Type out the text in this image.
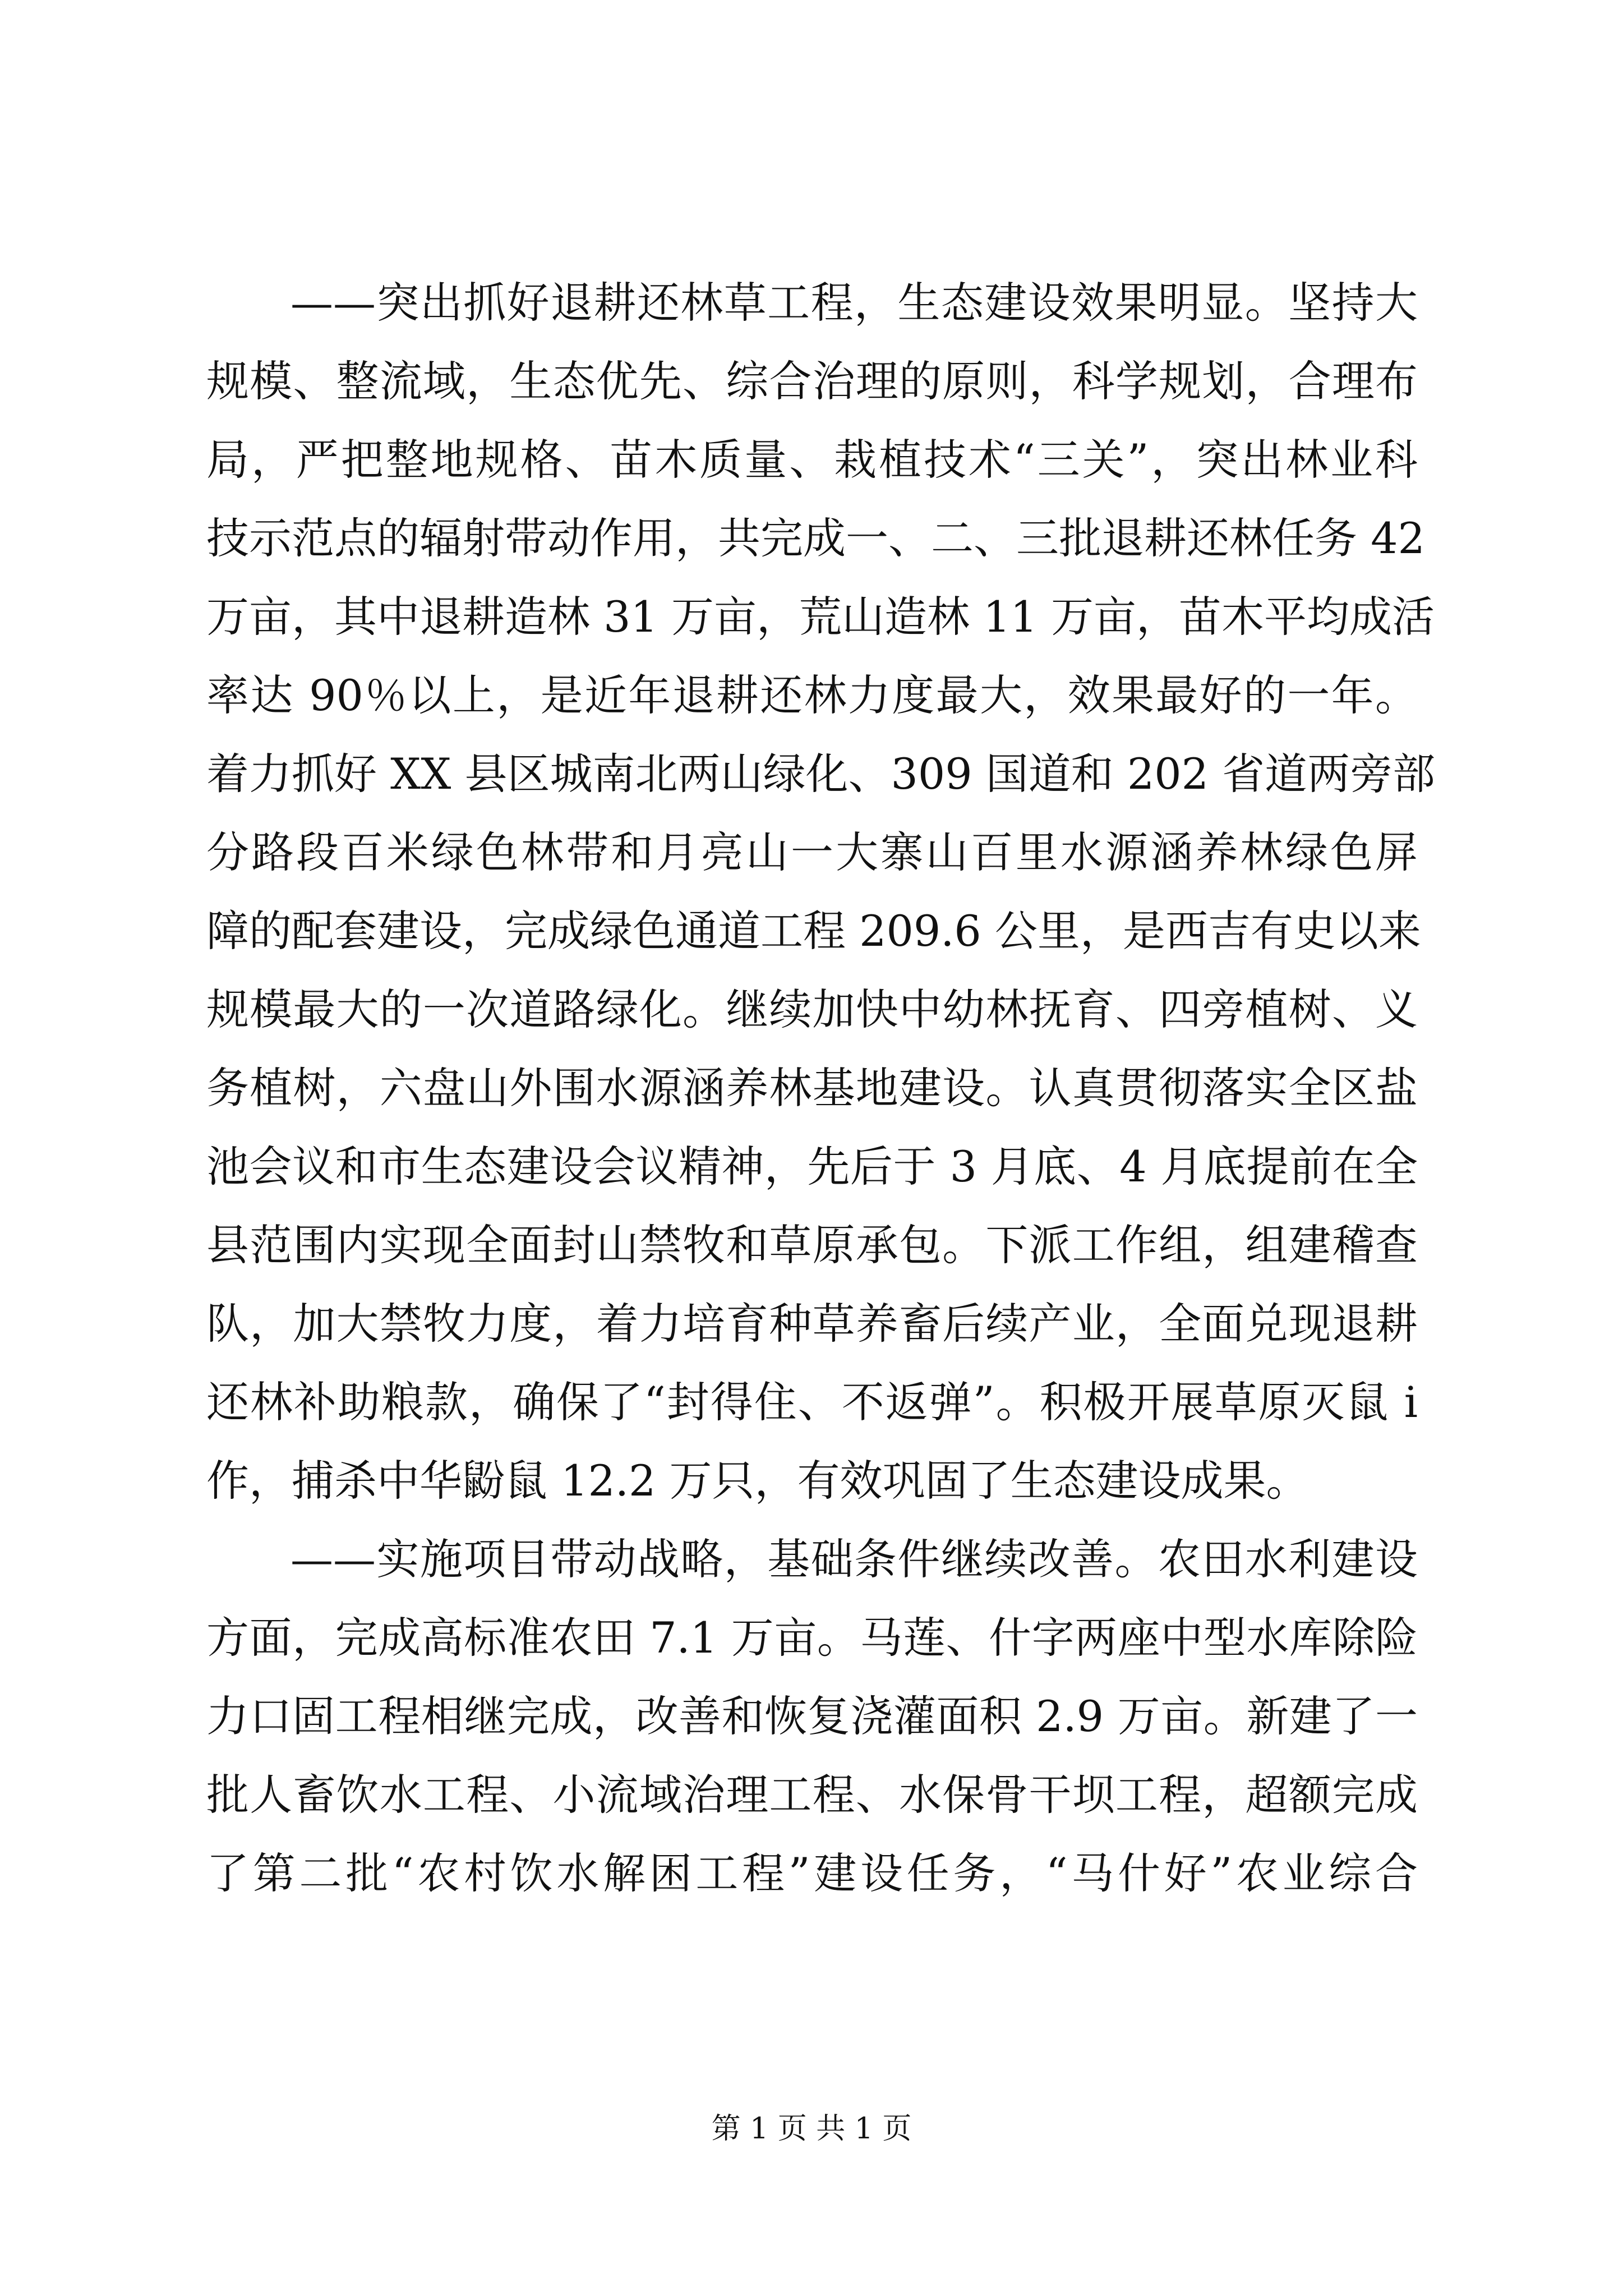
——突出抓好退耕还林草工程，生态建设效果明显。坚持大
规模、整流域，生态优先、综合治理的原则，科学规划，合理布
局，严把整地规格、苗木质量、栽植技术“三关”，突出林业科
技示范点的辐射带动作用，共完成一、二、三批退耕还林任务 42
万亩，其中退耕造林 31 万亩，荒山造林 11 万亩，苗木平均成活
率达 90％以上，是近年退耕还林力度最大，效果最好的一年。
着力抓好 XX 县区城南北两山绿化、309 国道和 202 省道两旁部
分路段百米绿色林带和月亮山一大寨山百里水源涵养林绿色屏
障的配套建设，完成绿色通道工程 209.6 公里，是西吉有史以来
规模最大的一次道路绿化。继续加快中幼林抚育、四旁植树、义
务植树，六盘山外围水源涵养林基地建设。认真贯彻落实全区盐
池会议和市生态建设会议精神，先后于 3 月底、4 月底提前在全
县范围内实现全面封山禁牧和草原承包。下派工作组，组建稽查
队，加大禁牧力度，着力培育种草养畜后续产业，全面兑现退耕
还林补助粮款，确保了“封得住、不返弹”。积极开展草原灭鼠 i
作，捕杀中华鼢鼠 12.2 万只，有效巩固了生态建设成果。
——实施项目带动战略，基础条件继续改善。农田水利建设
方面，完成高标准农田 7.1 万亩。马莲、什字两座中型水库除险
力口固工程相继完成，改善和恢复浇灌面积 2.9 万亩。新建了一
批人畜饮水工程、小流域治理工程、水保骨干坝工程，超额完成
了第二批“农村饮水解困工程”建设任务，“马什好”农业综合
第 1 页 共 1 页
